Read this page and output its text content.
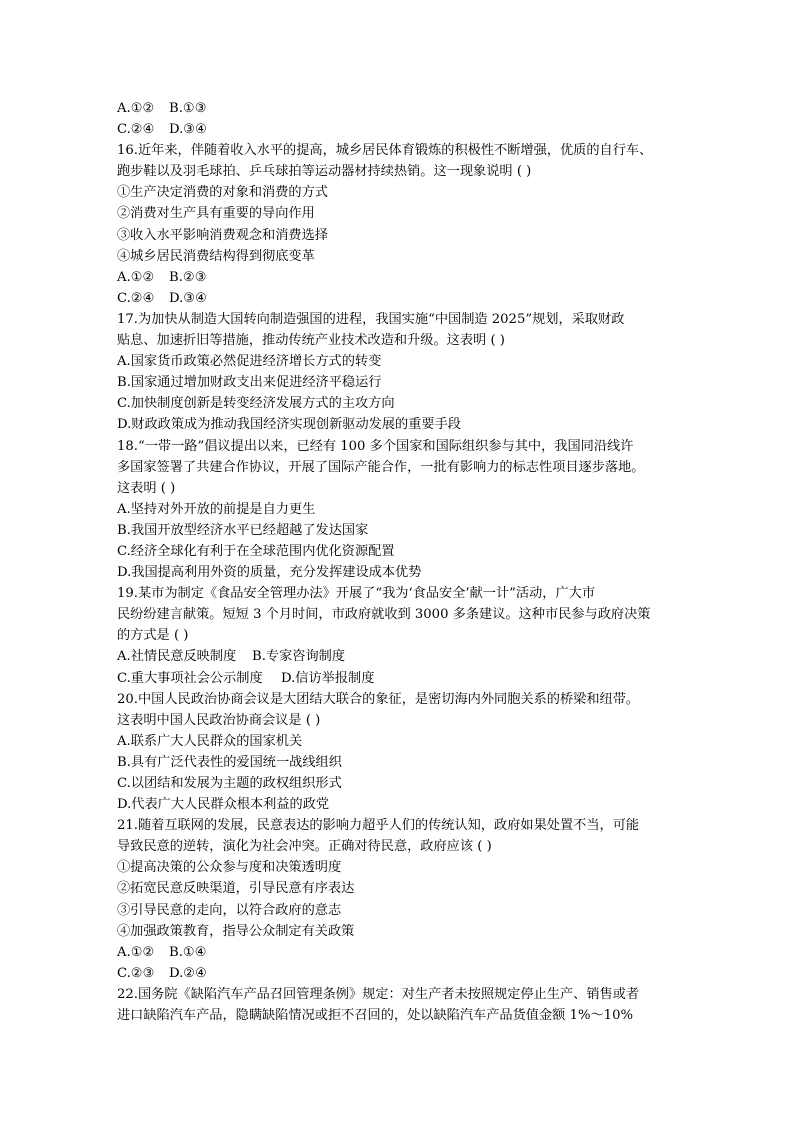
A.①②	B.①③
C.②④	D.③④
16.近年来，伴随着收入水平的提高，城乡居民体育锻炼的积极性不断增强，优质的自行车、
跑步鞋以及羽毛球拍、乒乓球拍等运动器材持续热销。这一现象说明 ( )
①生产决定消费的对象和消费的方式
②消费对生产具有重要的导向作用
③收入水平影响消费观念和消费选择
④城乡居民消费结构得到彻底变革
A.①②	B.②③
C.②④	D.③④
17.为加快从制造大国转向制造强国的进程，我国实施“中国制造 2025”规划，采取财政
贴息、加速折旧等措施，推动传统产业技术改造和升级。这表明 ( )
A.国家货币政策必然促进经济增长方式的转变
B.国家通过增加财政支出来促进经济平稳运行
C.加快制度创新是转变经济发展方式的主攻方向
D.财政政策成为推动我国经济实现创新驱动发展的重要手段
18.“一带一路”倡议提出以来，已经有 100 多个国家和国际组织参与其中，我国同沿线许
多国家签署了共建合作协议，开展了国际产能合作，一批有影响力的标志性项目逐步落地。
这表明 ( )
A.坚持对外开放的前提是自力更生
B.我国开放型经济水平已经超越了发达国家
C.经济全球化有利于在全球范围内优化资源配置
D.我国提高利用外资的质量，充分发挥建设成本优势
19.某市为制定《食品安全管理办法》开展了“我为‘食品安全’献一计”活动，广大市
民纷纷建言献策。短短 3 个月时间，市政府就收到 3000 多条建议。这种市民参与政府决策
的方式是 ( )
A.社情民意反映制度	B.专家咨询制度
C.重大事项社会公示制度	D.信访举报制度
20.中国人民政治协商会议是大团结大联合的象征，是密切海内外同胞关系的桥梁和纽带。
这表明中国人民政治协商会议是 ( )
A.联系广大人民群众的国家机关
B.具有广泛代表性的爱国统一战线组织
C.以团结和发展为主题的政权组织形式
D.代表广大人民群众根本利益的政党
21.随着互联网的发展，民意表达的影响力超乎人们的传统认知，政府如果处置不当，可能
导致民意的逆转，演化为社会冲突。正确对待民意，政府应该 ( )
①提高决策的公众参与度和决策透明度
②拓宽民意反映渠道，引导民意有序表达
③引导民意的走向，以符合政府的意志
④加强政策教育，指导公众制定有关政策
A.①②	B.①④
C.②③	D.②④
22.国务院《缺陷汽车产品召回管理条例》规定：对生产者未按照规定停止生产、销售或者
进口缺陷汽车产品，隐瞒缺陷情况或拒不召回的，处以缺陷汽车产品货值金额 1%～10%
